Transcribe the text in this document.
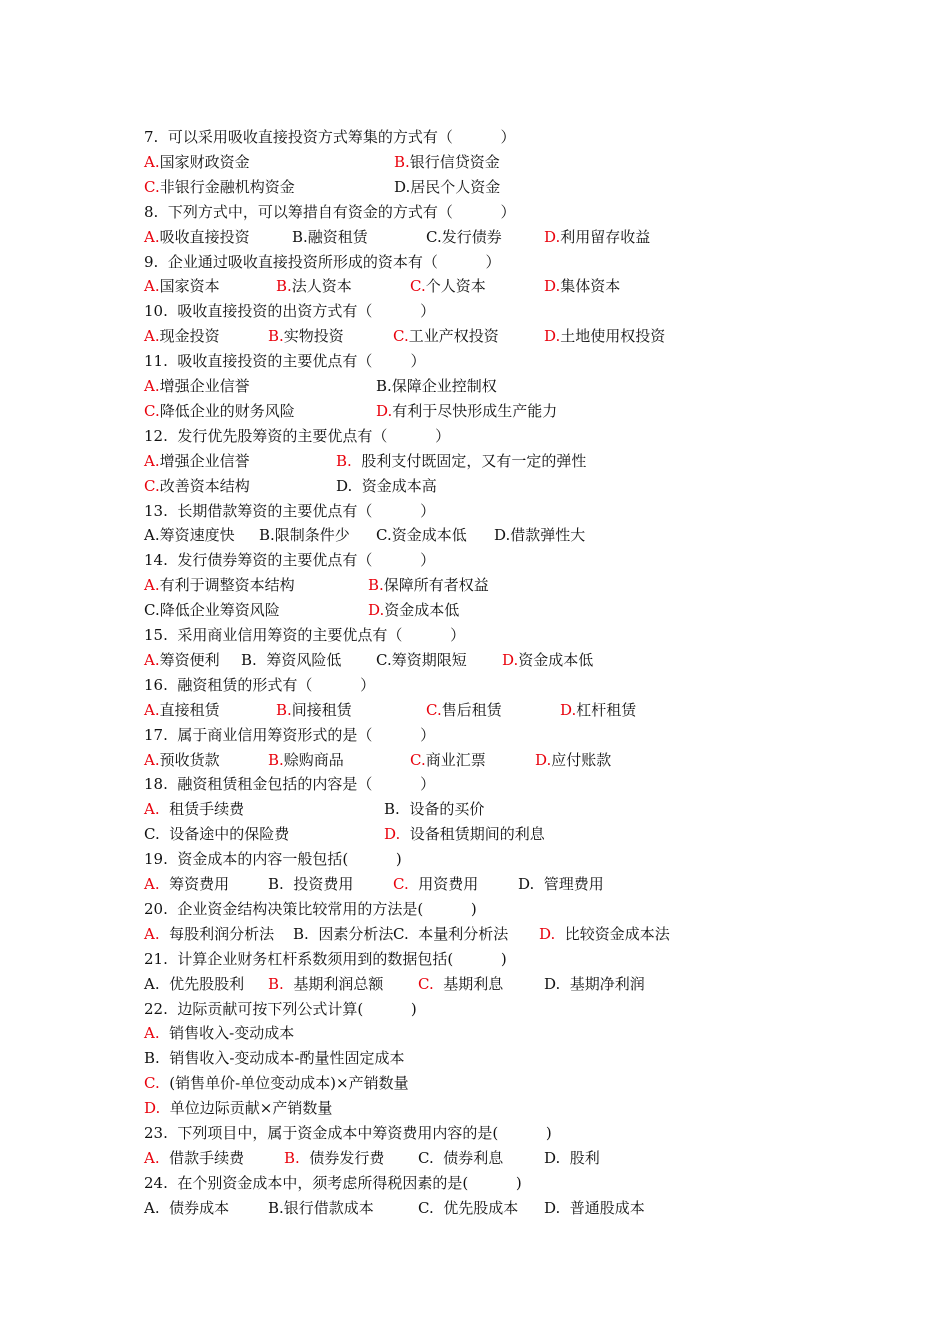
7.  可以采用吸收直接投资方式筹集的方式有（          ）
A.国家财政资金	B.银行信贷资金
C.非银行金融机构资金	D.居民个人资金
8.  下列方式中，可以筹措自有资金的方式有（          ）
A.吸收直接投资	B.融资租赁	C.发行债券	D.利用留存收益
9.  企业通过吸收直接投资所形成的资本有（          ）
A.国家资本	B.法人资本	C.个人资本	D.集体资本
10.  吸收直接投资的出资方式有（          ）
A.现金投资	B.实物投资	C.工业产权投资	D.土地使用权投资
11.  吸收直接投资的主要优点有（        ）
A.增强企业信誉	B.保障企业控制权
C.降低企业的财务风险	D.有利于尽快形成生产能力
12.  发行优先股筹资的主要优点有（          ）
A.增强企业信誉	B.  股利支付既固定，又有一定的弹性
C.改善资本结构	D.  资金成本高
13.  长期借款筹资的主要优点有（          ）
A.筹资速度快 B.限制条件少 C.资金成本低 D.借款弹性大
14.  发行债券筹资的主要优点有（          ）
A.有利于调整资本结构	B.保障所有者权益
C.降低企业筹资风险	D.资金成本低
15.  采用商业信用筹资的主要优点有（          ）
A.筹资便利 B.  筹资风险低 C.筹资期限短 D.资金成本低
16.  融资租赁的形式有（          ）
A.直接租赁	B.间接租赁	C.售后租赁	D.杠杆租赁
17.  属于商业信用筹资形式的是（          ）
A.预收货款	B.赊购商品	C.商业汇票	D.应付账款
18.  融资租赁租金包括的内容是（          ）
A.  租赁手续费	B.  设备的买价
C.  设备途中的保险费	D.  设备租赁期间的利息
19.  资金成本的内容一般包括(          )
A.  筹资费用	B.  投资费用	C.  用资费用	D.  管理费用
20.  企业资金结构决策比较常用的方法是(          )
A.  每股利润分析法 B.  因素分析法 C.  本量利分析法 D.  比较资金成本法
21.  计算企业财务杠杆系数须用到的数据包括(          )
A.  优先股股利 B.  基期利润总额 C.  基期利息	D.  基期净利润
22.  边际贡献可按下列公式计算(          )
A.  销售收入-变动成本
B.  销售收入-变动成本-酌量性固定成本
C.  (销售单价-单位变动成本)×产销数量
D.  单位边际贡献×产销数量
23.  下列项目中，属于资金成本中筹资费用内容的是(          )
A.  借款手续费	B.  债券发行费 C.  债券利息	D.  股利
24.  在个别资金成本中，须考虑所得税因素的是(          )
A.  债券成本	B.银行借款成本	C.  优先股成本 D.  普通股成本
